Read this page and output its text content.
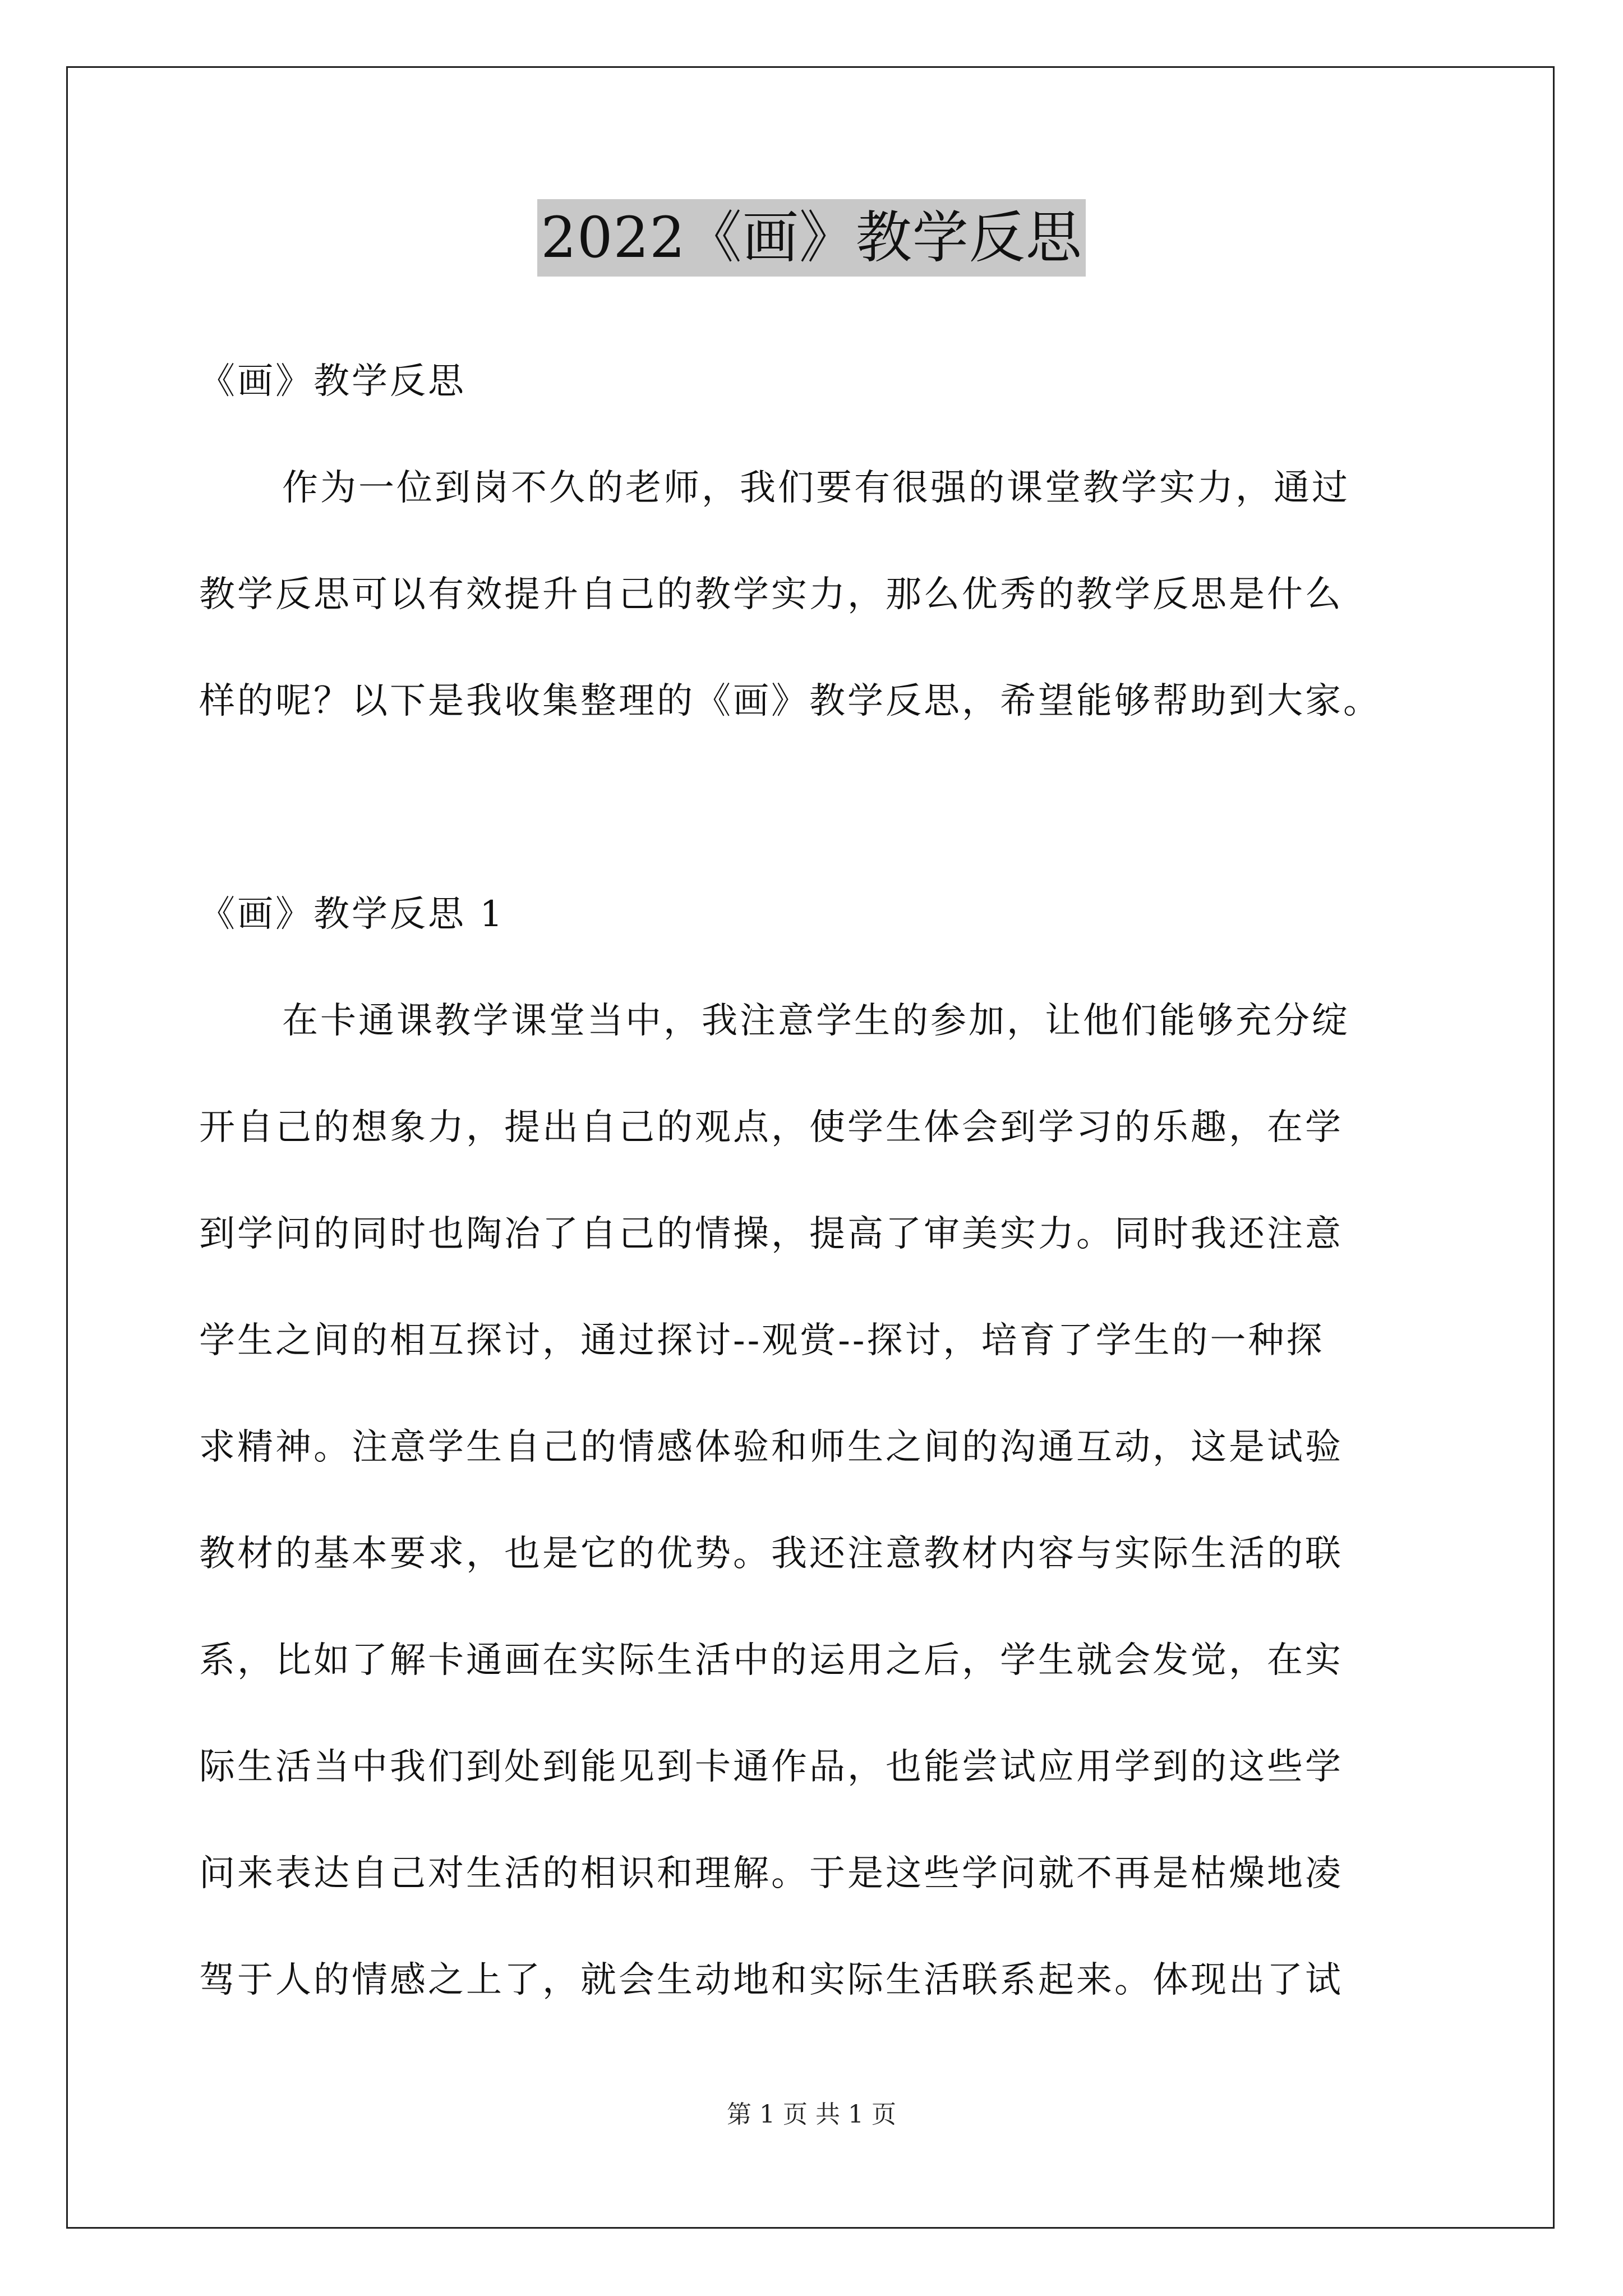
2022《画》教学反思
《画》教学反思
作为一位到岗不久的老师，我们要有很强的课堂教学实力，通过
教学反思可以有效提升自己的教学实力，那么优秀的教学反思是什么
样的呢？以下是我收集整理的《画》教学反思，希望能够帮助到大家。
《画》教学反思 1
在卡通课教学课堂当中，我注意学生的参加，让他们能够充分绽
开自己的想象力，提出自己的观点，使学生体会到学习的乐趣，在学
到学问的同时也陶冶了自己的情操，提高了审美实力。同时我还注意
学生之间的相互探讨，通过探讨--观赏--探讨，培育了学生的一种探
求精神。注意学生自己的情感体验和师生之间的沟通互动，这是试验
教材的基本要求，也是它的优势。我还注意教材内容与实际生活的联
系，比如了解卡通画在实际生活中的运用之后，学生就会发觉，在实
际生活当中我们到处到能见到卡通作品，也能尝试应用学到的这些学
问来表达自己对生活的相识和理解。于是这些学问就不再是枯燥地凌
驾于人的情感之上了，就会生动地和实际生活联系起来。体现出了试
第 1 页 共 1 页
